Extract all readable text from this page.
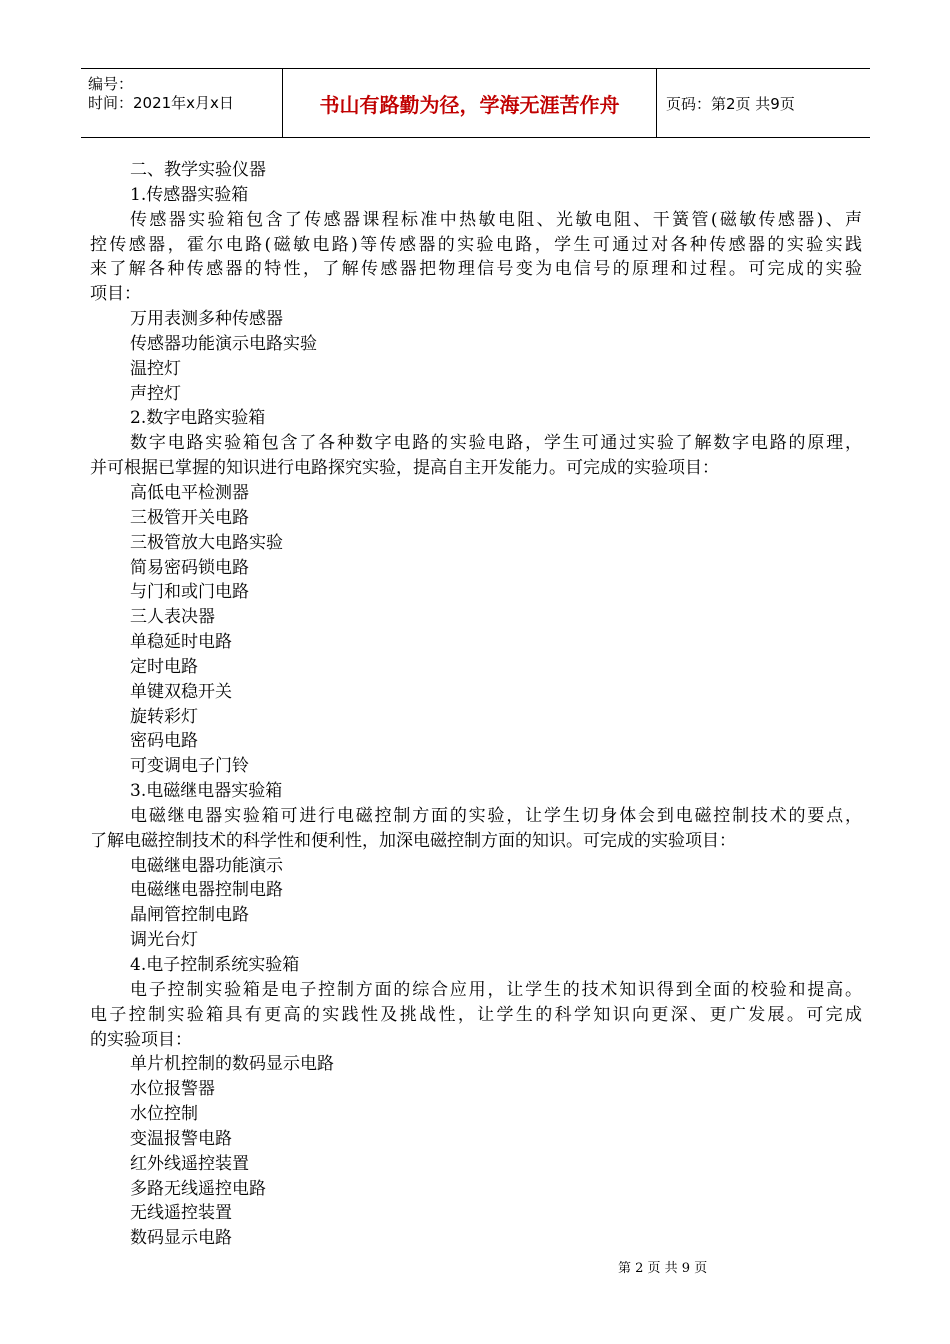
编号：
时间：2021年x月x日	书山有路勤为径，学海无涯苦作舟	页码：第2页 共9页
二、教学实验仪器
1.传感器实验箱
传感器实验箱包含了传感器课程标准中热敏电阻、光敏电阻、干簧管(磁敏传感器)、声
控传感器，霍尔电路(磁敏电路)等传感器的实验电路，学生可通过对各种传感器的实验实践
来了解各种传感器的特性，了解传感器把物理信号变为电信号的原理和过程。可完成的实验
项目：
万用表测多种传感器
传感器功能演示电路实验
温控灯
声控灯
2.数字电路实验箱
数字电路实验箱包含了各种数字电路的实验电路，学生可通过实验了解数字电路的原理，
并可根据已掌握的知识进行电路探究实验，提高自主开发能力。可完成的实验项目：
高低电平检测器
三极管开关电路
三极管放大电路实验
简易密码锁电路
与门和或门电路
三人表决器
单稳延时电路
定时电路
单键双稳开关
旋转彩灯
密码电路
可变调电子门铃
3.电磁继电器实验箱
电磁继电器实验箱可进行电磁控制方面的实验，让学生切身体会到电磁控制技术的要点，
了解电磁控制技术的科学性和便利性，加深电磁控制方面的知识。可完成的实验项目：
电磁继电器功能演示
电磁继电器控制电路
晶闸管控制电路
调光台灯
4.电子控制系统实验箱
电子控制实验箱是电子控制方面的综合应用，让学生的技术知识得到全面的校验和提高。
电子控制实验箱具有更高的实践性及挑战性，让学生的科学知识向更深、更广发展。可完成
的实验项目：
单片机控制的数码显示电路
水位报警器
水位控制
变温报警电路
红外线遥控装置
多路无线遥控电路
无线遥控装置
数码显示电路
第 2 页 共 9 页
